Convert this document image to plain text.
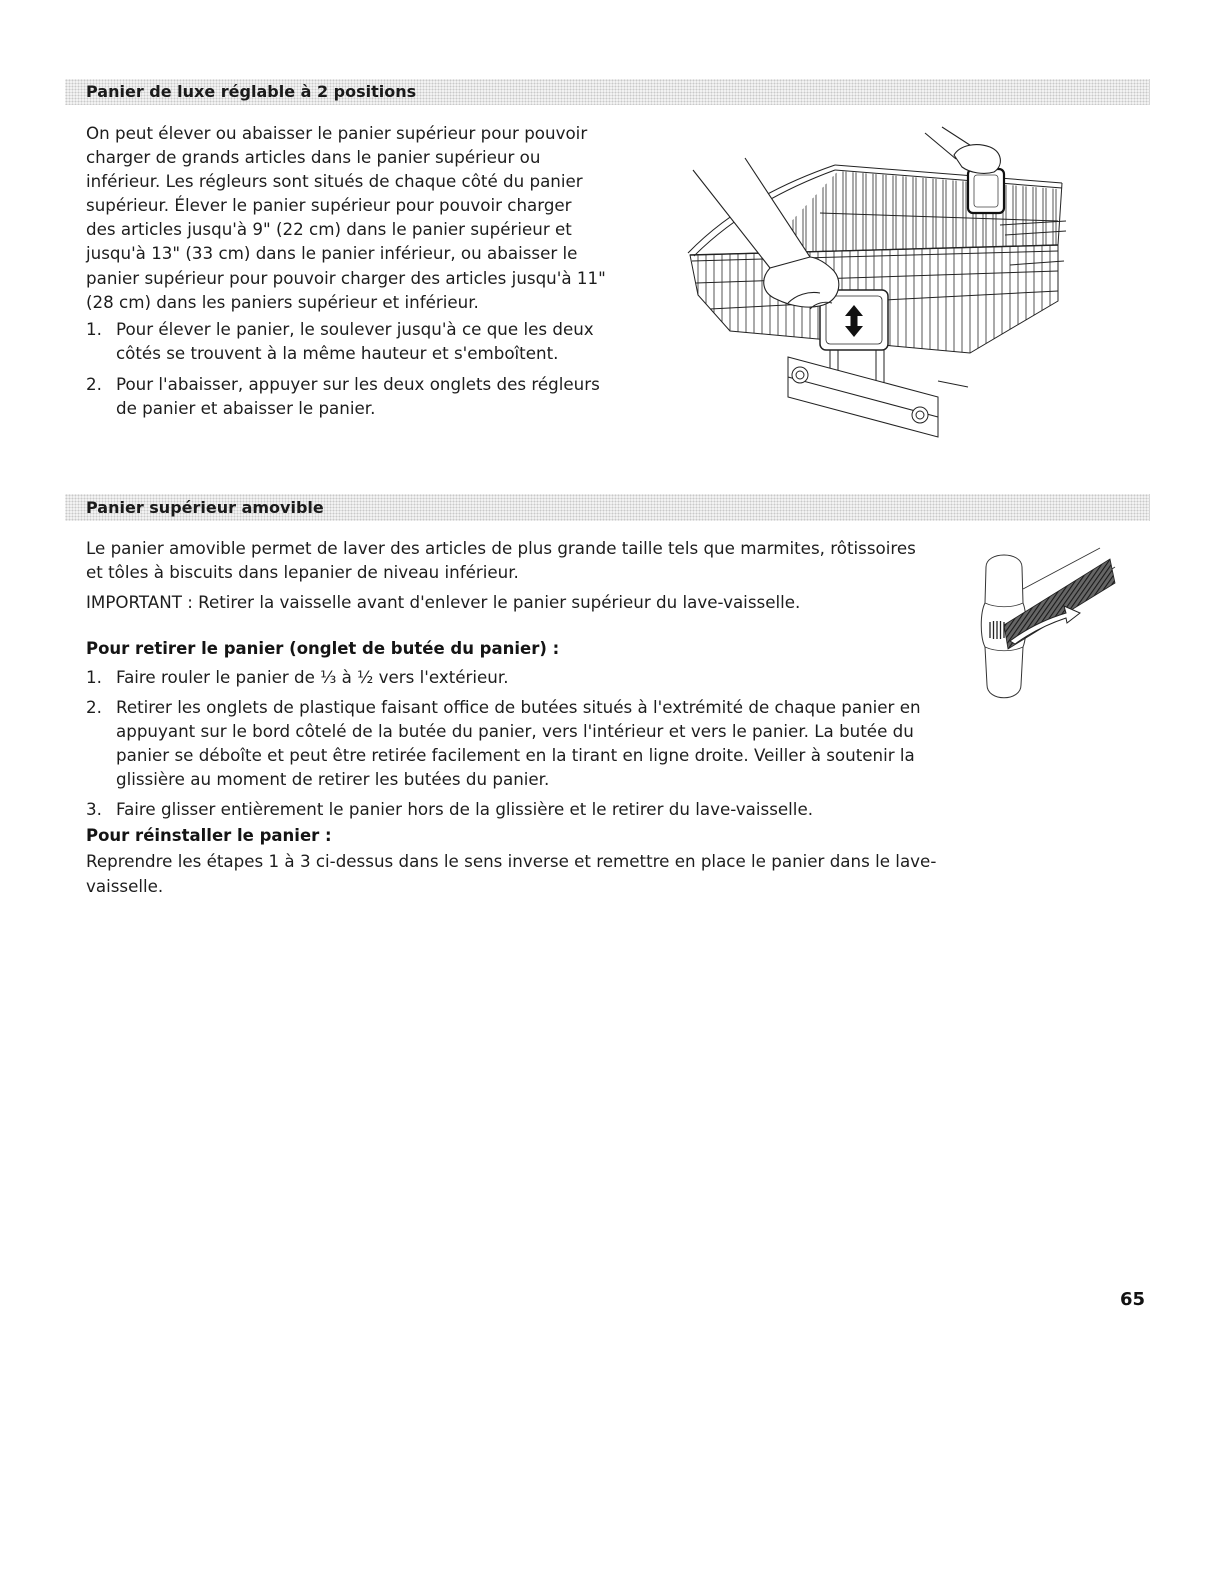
Panier de luxe réglable à 2 positions
On peut élever ou abaisser le panier supérieur pour pouvoir
charger de grands articles dans le panier supérieur ou
inférieur. Les régleurs sont situés de chaque côté du panier
supérieur. Élever le panier supérieur pour pouvoir charger
des articles jusqu'à 9" (22 cm) dans le panier supérieur et
jusqu'à 13" (33 cm) dans le panier inférieur, ou abaisser le
panier supérieur pour pouvoir charger des articles jusqu'à 11"
(28 cm) dans les paniers supérieur et inférieur.
1. Pour élever le panier, le soulever jusqu'à ce que les deux
côtés se trouvent à la même hauteur et s'emboîtent.
2. Pour l'abaisser, appuyer sur les deux onglets des régleurs
de panier et abaisser le panier.
Panier supérieur amovible
Le panier amovible permet de laver des articles de plus grande taille tels que marmites, rôtissoires
et tôles à biscuits dans lepanier de niveau inférieur.
IMPORTANT : Retirer la vaisselle avant d'enlever le panier supérieur du lave-vaisselle.
Pour retirer le panier (onglet de butée du panier) :
1. Faire rouler le panier de ⅓ à ½ vers l'extérieur.
2. Retirer les onglets de plastique faisant office de butées situés à l'extrémité de chaque panier en
appuyant sur le bord côtelé de la butée du panier, vers l'intérieur et vers le panier. La butée du
panier se déboîte et peut être retirée facilement en la tirant en ligne droite. Veiller à soutenir la
glissière au moment de retirer les butées du panier.
3. Faire glisser entièrement le panier hors de la glissière et le retirer du lave-vaisselle.
Pour réinstaller le panier :
Reprendre les étapes 1 à 3 ci-dessus dans le sens inverse et remettre en place le panier dans le lave-
vaisselle.
65
